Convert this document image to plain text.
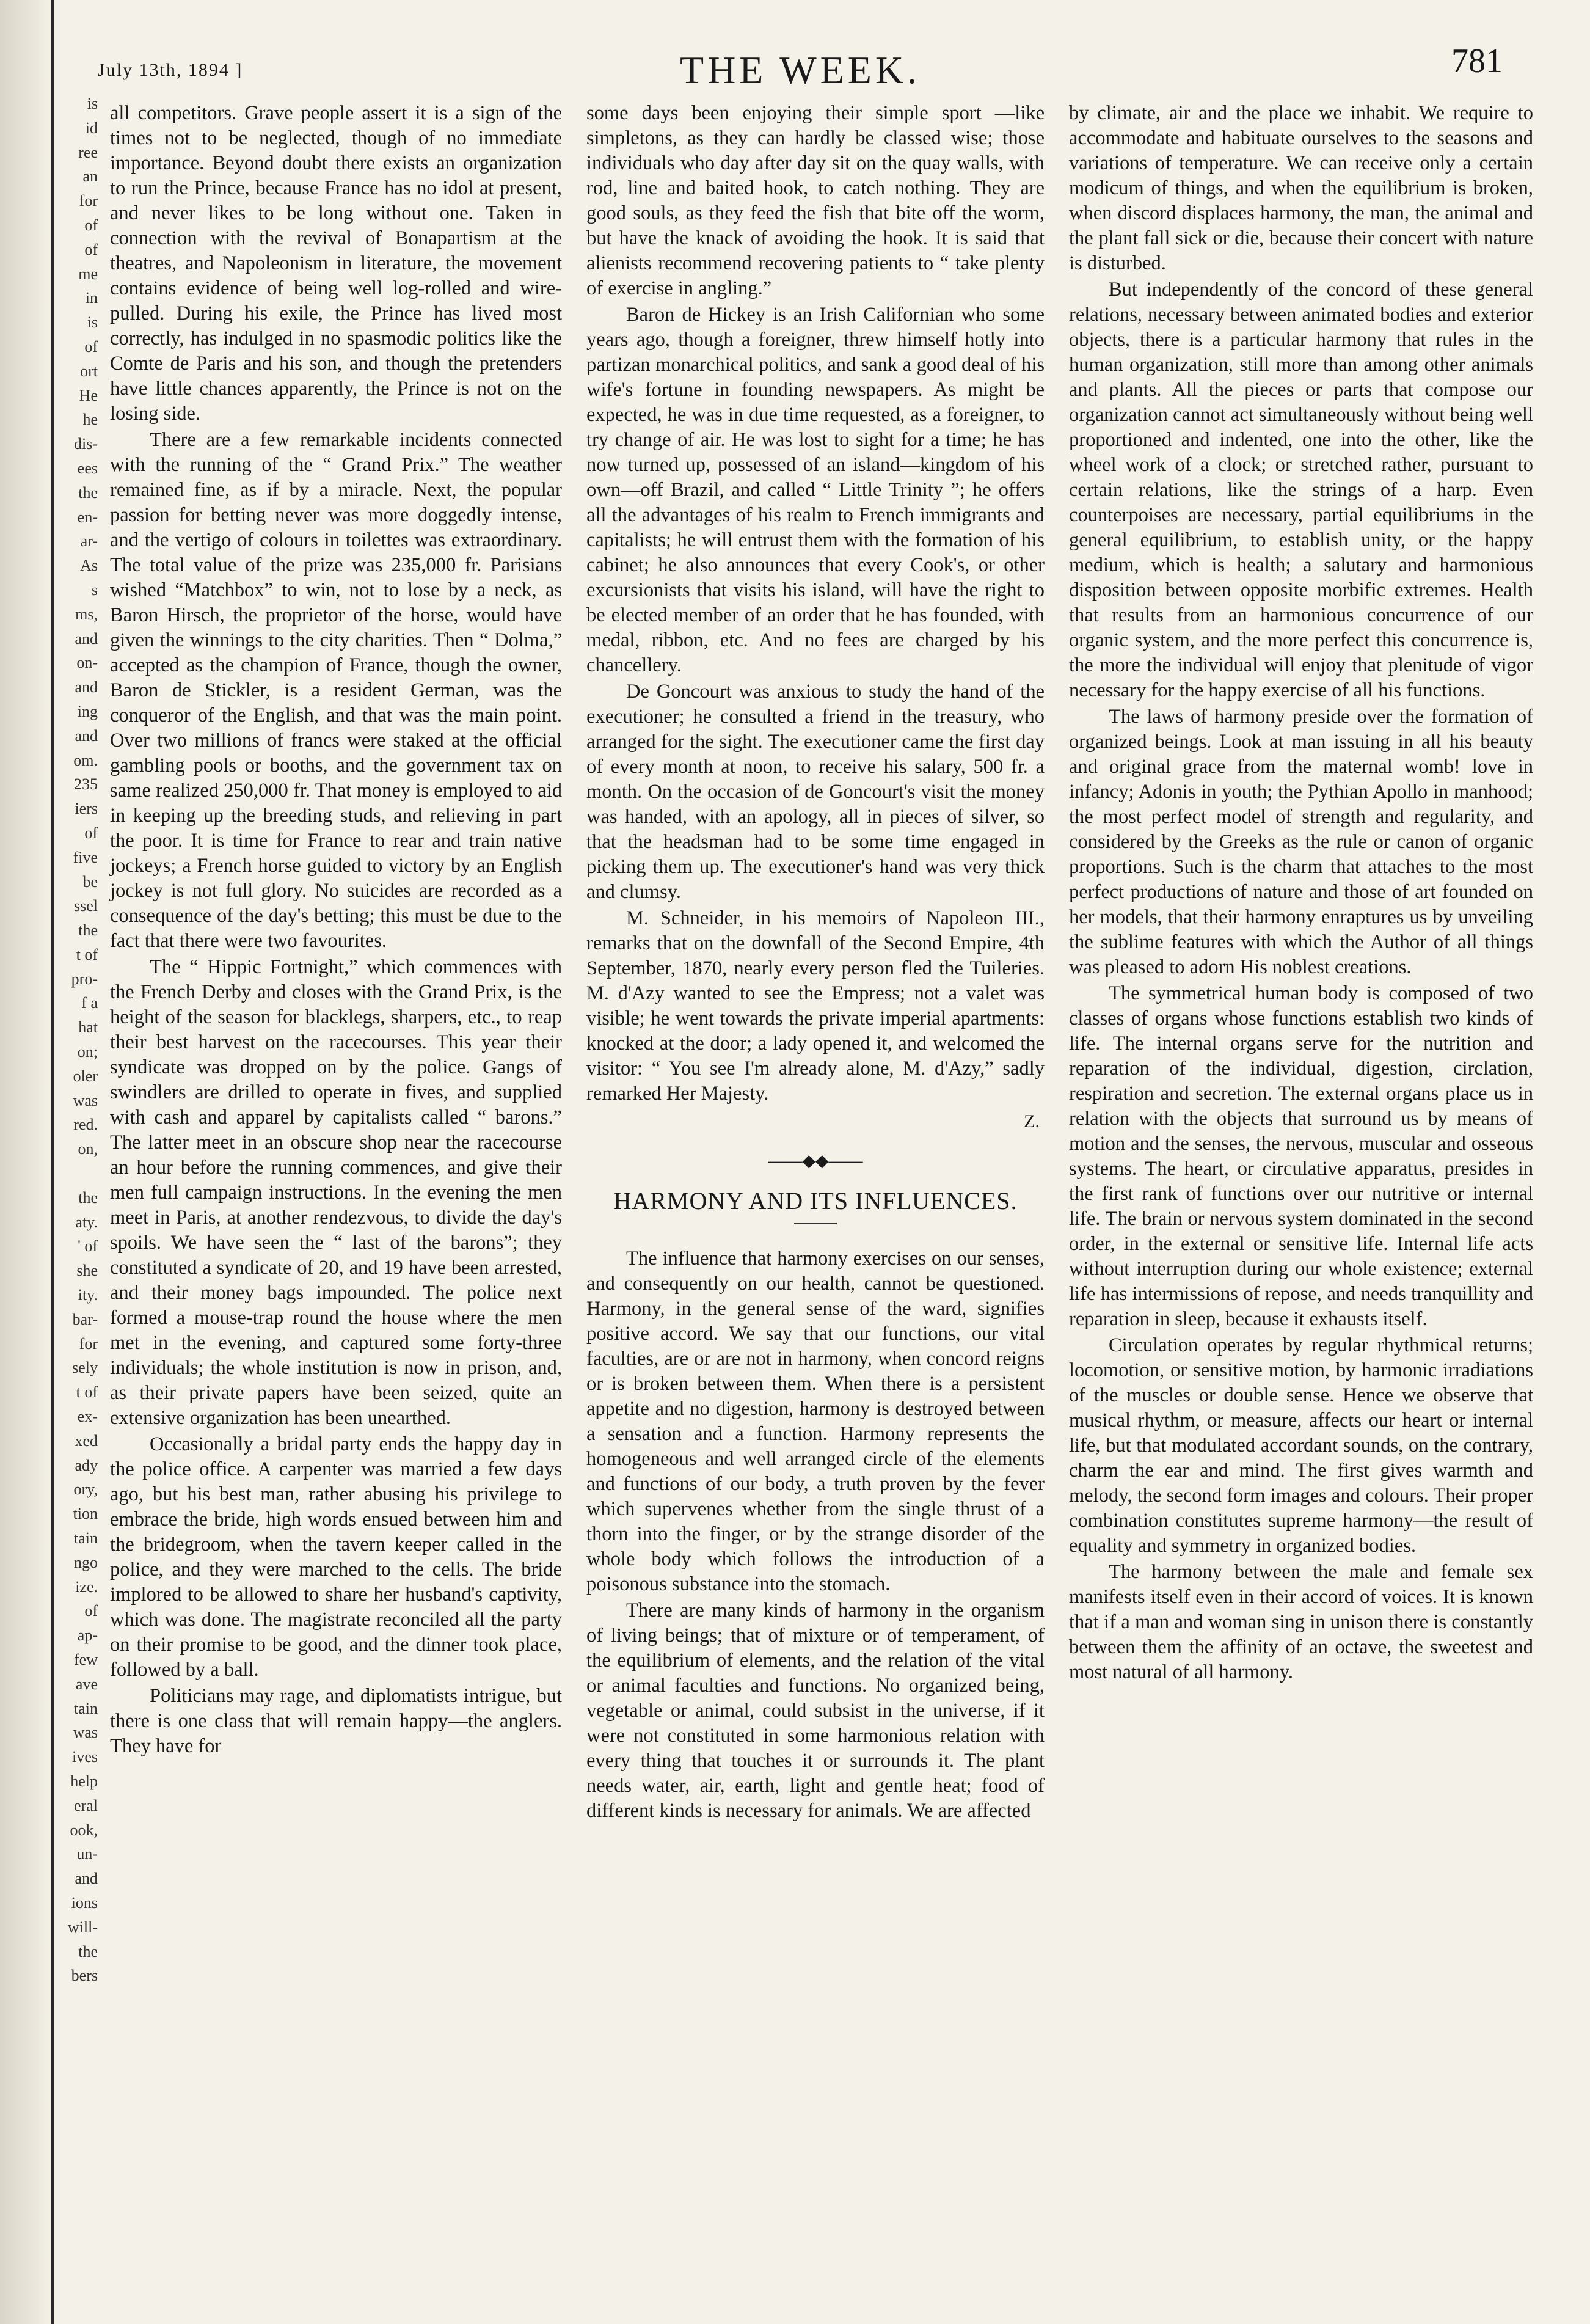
is
id
ree
an
for
of
of
me
in
is
of
ort
He
he
dis-
ees
the
en-
ar-
As
s
ms,
and
on-
and
ing
and
om.
235
iers
of
five
be
ssel
the
t of
pro-
f a
hat
on;
oler
was
red.
on,

the
aty.
' of
she
ity.
bar-
for
sely
t of
ex-
xed
ady
ory,
tion
tain
ngo
ize.
of
ap-
few
ave
tain
was
ives
help
eral
ook,
un-
and
ions
will-
the
bers
July 13th, 1894 ]	THE WEEK.	781

all competitors. Grave people assert it is a sign of the times not to be neglected, though of no immediate importance. Beyond doubt there exists an organization to run the Prince, because France has no idol at present, and never likes to be long without one. Taken in connection with the revival of Bonapartism at the theatres, and Napoleonism in literature, the movement contains evidence of being well log-rolled and wire-pulled. During his exile, the Prince has lived most correctly, has indulged in no spasmodic politics like the Comte de Paris and his son, and though the pretenders have little chances apparently, the Prince is not on the losing side.

There are a few remarkable incidents connected with the running of the “ Grand Prix.” The weather remained fine, as if by a miracle. Next, the popular passion for betting never was more doggedly intense, and the vertigo of colours in toilettes was extraordinary. The total value of the prize was 235,000 fr. Parisians wished “Matchbox” to win, not to lose by a neck, as Baron Hirsch, the proprietor of the horse, would have given the winnings to the city charities. Then “ Dolma,” accepted as the champion of France, though the owner, Baron de Stickler, is a resident German, was the conqueror of the English, and that was the main point. Over two millions of francs were staked at the official gambling pools or booths, and the government tax on same realized 250,000 fr. That money is employed to aid in keeping up the breeding studs, and relieving in part the poor. It is time for France to rear and train native jockeys; a French horse guided to victory by an English jockey is not full glory. No suicides are recorded as a consequence of the day's betting; this must be due to the fact that there were two favourites.

The “ Hippic Fortnight,” which commences with the French Derby and closes with the Grand Prix, is the height of the season for blacklegs, sharpers, etc., to reap their best harvest on the racecourses. This year their syndicate was dropped on by the police. Gangs of swindlers are drilled to operate in fives, and supplied with cash and apparel by capitalists called “ barons.” The latter meet in an obscure shop near the racecourse an hour before the running commences, and give their men full campaign instructions. In the evening the men meet in Paris, at another rendezvous, to divide the day's spoils. We have seen the “ last of the barons”; they constituted a syndicate of 20, and 19 have been arrested, and their money bags impounded. The police next formed a mouse-trap round the house where the men met in the evening, and captured some forty-three individuals; the whole institution is now in prison, and, as their private papers have been seized, quite an extensive organization has been unearthed.

Occasionally a bridal party ends the happy day in the police office. A carpenter was married a few days ago, but his best man, rather abusing his privilege to embrace the bride, high words ensued between him and the bridegroom, when the tavern keeper called in the police, and they were marched to the cells. The bride implored to be allowed to share her husband's captivity, which was done. The magistrate reconciled all the party on their promise to be good, and the dinner took place, followed by a ball.

Politicians may rage, and diplomatists intrigue, but there is one class that will remain happy—the anglers. They have for

some days been enjoying their simple sport —like simpletons, as they can hardly be classed wise; those individuals who day after day sit on the quay walls, with rod, line and baited hook, to catch nothing. They are good souls, as they feed the fish that bite off the worm, but have the knack of avoiding the hook. It is said that alienists recommend recovering patients to “ take plenty of exercise in angling.”

Baron de Hickey is an Irish Californian who some years ago, though a foreigner, threw himself hotly into partizan monarchical politics, and sank a good deal of his wife's fortune in founding newspapers. As might be expected, he was in due time requested, as a foreigner, to try change of air. He was lost to sight for a time; he has now turned up, possessed of an island—kingdom of his own—off Brazil, and called “ Little Trinity ”; he offers all the advantages of his realm to French immigrants and capitalists; he will entrust them with the formation of his cabinet; he also announces that every Cook's, or other excursionists that visits his island, will have the right to be elected member of an order that he has founded, with medal, ribbon, etc. And no fees are charged by his chancellery.

De Goncourt was anxious to study the hand of the executioner; he consulted a friend in the treasury, who arranged for the sight. The executioner came the first day of every month at noon, to receive his salary, 500 fr. a month. On the occasion of de Goncourt's visit the money was handed, with an apology, all in pieces of silver, so that the headsman had to be some time engaged in picking them up. The executioner's hand was very thick and clumsy.

M. Schneider, in his memoirs of Napoleon III., remarks that on the downfall of the Second Empire, 4th September, 1870, nearly every person fled the Tuileries. M. d'Azy wanted to see the Empress; not a valet was visible; he went towards the private imperial apartments: knocked at the door; a lady opened it, and welcomed the visitor: “ You see I'm already alone, M. d'Azy,” sadly remarked Her Majesty.

Z.
——◆◆——
HARMONY AND ITS INFLUENCES.

The influence that harmony exercises on our senses, and consequently on our health, cannot be questioned. Harmony, in the general sense of the ward, signifies positive accord. We say that our functions, our vital faculties, are or are not in harmony, when concord reigns or is broken between them. When there is a persistent appetite and no digestion, harmony is destroyed between a sensation and a function. Harmony represents the homogeneous and well arranged circle of the elements and functions of our body, a truth proven by the fever which supervenes whether from the single thrust of a thorn into the finger, or by the strange disorder of the whole body which follows the introduction of a poisonous substance into the stomach.

There are many kinds of harmony in the organism of living beings; that of mixture or of temperament, of the equilibrium of elements, and the relation of the vital or animal faculties and functions. No organized being, vegetable or animal, could subsist in the universe, if it were not constituted in some harmonious relation with every thing that touches it or surrounds it. The plant needs water, air, earth, light and gentle heat; food of different kinds is necessary for animals. We are affected

by climate, air and the place we inhabit. We require to accommodate and habituate ourselves to the seasons and variations of temperature. We can receive only a certain modicum of things, and when the equilibrium is broken, when discord displaces harmony, the man, the animal and the plant fall sick or die, because their concert with nature is disturbed.

But independently of the concord of these general relations, necessary between animated bodies and exterior objects, there is a particular harmony that rules in the human organization, still more than among other animals and plants. All the pieces or parts that compose our organization cannot act simultaneously without being well proportioned and indented, one into the other, like the wheel work of a clock; or stretched rather, pursuant to certain relations, like the strings of a harp. Even counterpoises are necessary, partial equilibriums in the general equilibrium, to establish unity, or the happy medium, which is health; a salutary and harmonious disposition between opposite morbific extremes. Health that results from an harmonious concurrence of our organic system, and the more perfect this concurrence is, the more the individual will enjoy that plenitude of vigor necessary for the happy exercise of all his functions.

The laws of harmony preside over the formation of organized beings. Look at man issuing in all his beauty and original grace from the maternal womb! love in infancy; Adonis in youth; the Pythian Apollo in manhood; the most perfect model of strength and regularity, and considered by the Greeks as the rule or canon of organic proportions. Such is the charm that attaches to the most perfect productions of nature and those of art founded on her models, that their harmony enraptures us by unveiling the sublime features with which the Author of all things was pleased to adorn His noblest creations.

The symmetrical human body is composed of two classes of organs whose functions establish two kinds of life. The internal organs serve for the nutrition and reparation of the individual, digestion, circlation, respiration and secretion. The external organs place us in relation with the objects that surround us by means of motion and the senses, the nervous, muscular and osseous systems. The heart, or circulative apparatus, presides in the first rank of functions over our nutritive or internal life. The brain or nervous system dominated in the second order, in the external or sensitive life. Internal life acts without interruption during our whole existence; external life has intermissions of repose, and needs tranquillity and reparation in sleep, because it exhausts itself.

Circulation operates by regular rhythmical returns; locomotion, or sensitive motion, by harmonic irradiations of the muscles or double sense. Hence we observe that musical rhythm, or measure, affects our heart or internal life, but that modulated accordant sounds, on the contrary, charm the ear and mind. The first gives warmth and melody, the second form images and colours. Their proper combination constitutes supreme harmony—the result of equality and symmetry in organized bodies.

The harmony between the male and female sex manifests itself even in their accord of voices. It is known that if a man and woman sing in unison there is constantly between them the affinity of an octave, the sweetest and most natural of all harmony.
